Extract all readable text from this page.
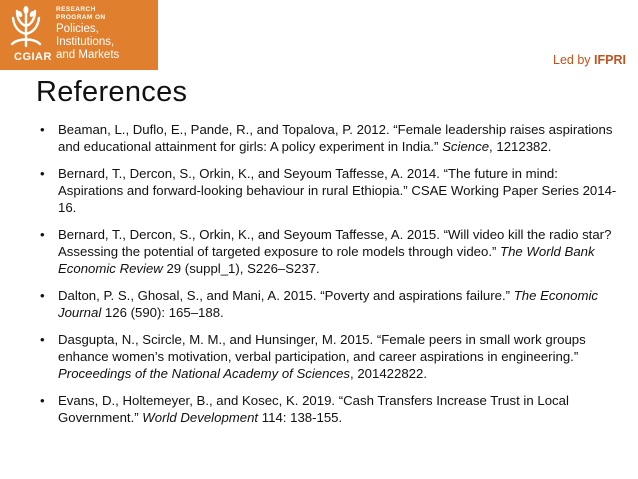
CGIAR
RESEARCH
PROGRAM ON
Policies,
Institutions,
and Markets	Led by IFPRI
References
• Beaman, L., Duflo, E., Pande, R., and Topalova, P. 2012. “Female leadership raises aspirations and educational attainment for girls: A policy experiment in India.” Science, 1212382.
• Bernard, T., Dercon, S., Orkin, K., and Seyoum Taffesse, A. 2014. “The future in mind: Aspirations and forward-looking behaviour in rural Ethiopia.” CSAE Working Paper Series 2014-16.
• Bernard, T., Dercon, S., Orkin, K., and Seyoum Taffesse, A. 2015. “Will video kill the radio star? Assessing the potential of targeted exposure to role models through video.” The World Bank Economic Review 29 (suppl_1), S226–S237.
• Dalton, P. S., Ghosal, S., and Mani, A. 2015. “Poverty and aspirations failure.” The Economic Journal 126 (590): 165–188.
• Dasgupta, N., Scircle, M. M., and Hunsinger, M. 2015. “Female peers in small work groups enhance women’s motivation, verbal participation, and career aspirations in engineering.” Proceedings of the National Academy of Sciences, 201422822.
• Evans, D., Holtemeyer, B., and Kosec, K. 2019. “Cash Transfers Increase Trust in Local Government.” World Development 114: 138-155.
